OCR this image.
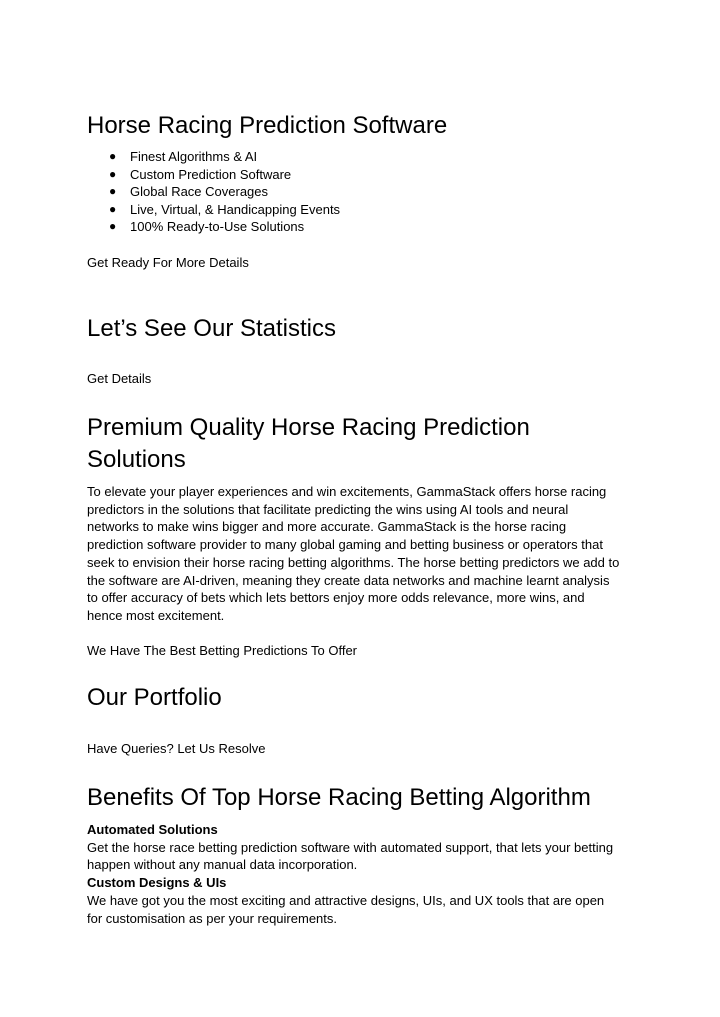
Horse Racing Prediction Software
● Finest Algorithms & AI
● Custom Prediction Software
● Global Race Coverages
● Live, Virtual, & Handicapping Events
● 100% Ready-to-Use Solutions

Get Ready For More Details

Let’s See Our Statistics

Get Details

Premium Quality Horse Racing Prediction
Solutions

To elevate your player experiences and win excitements, GammaStack offers horse racing

predictors in the solutions that facilitate predicting the wins using AI tools and neural

networks to make wins bigger and more accurate. GammaStack is the horse racing

prediction software provider to many global gaming and betting business or operators that

seek to envision their horse racing betting algorithms. The horse betting predictors we add to

the software are AI-driven, meaning they create data networks and machine learnt analysis

to offer accuracy of bets which lets bettors enjoy more odds relevance, more wins, and

hence most excitement.

We Have The Best Betting Predictions To Offer

Our Portfolio

Have Queries? Let Us Resolve

Benefits Of Top Horse Racing Betting Algorithm

Automated Solutions

Get the horse race betting prediction software with automated support, that lets your betting

happen without any manual data incorporation.

Custom Designs & UIs

We have got you the most exciting and attractive designs, UIs, and UX tools that are open

for customisation as per your requirements.
